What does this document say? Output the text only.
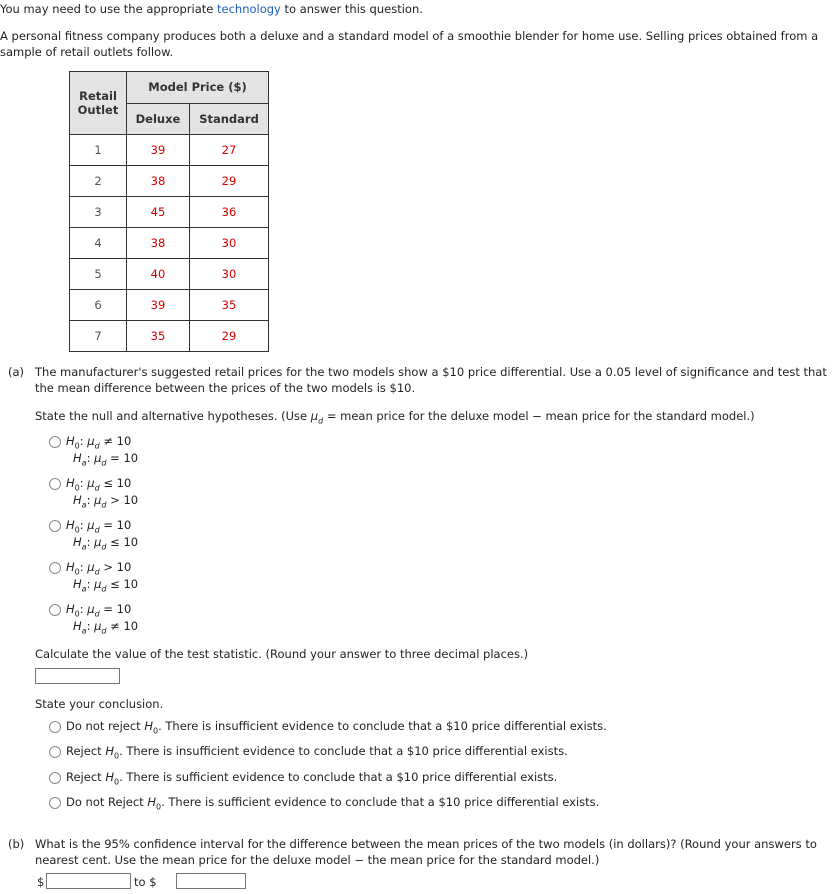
You may need to use the appropriate technology to answer this question.

A personal fitness company produces both a deluxe and a standard model of a smoothie blender for home use. Selling prices obtained from a

sample of retail outlets follow.

Retail
Outlet	Model Price ($)	
	Deluxe	Standard
1	39	27
2	38	29
3	45	36
4	38	30
5	40	30
6	39	35
7	35	29

(a) The manufacturer's suggested retail prices for the two models show a $10 price differential. Use a 0.05 level of significance and test that

the mean difference between the prices of the two models is $10.

State the null and alternative hypotheses. (Use $\mu_d$ = mean price for the deluxe model − mean price for the standard model.)

$H_0$: $\mu_d \ne 10$
$H_a$: $\mu_d = 10$
$H_0$: $\mu_d \le 10$
$H_a$: $\mu_d > 10$
$H_0$: $\mu_d = 10$
$H_a$: $\mu_d \le 10$
$H_0$: $\mu_d > 10$
$H_a$: $\mu_d \le 10$
$H_0$: $\mu_d = 10$
$H_a$: $\mu_d \ne 10$

Calculate the value of the test statistic. (Round your answer to three decimal places.)

State your conclusion.

Do not reject $H_0$. There is insufficient evidence to conclude that a $10 price differential exists.
Reject $H_0$. There is insufficient evidence to conclude that a $10 price differential exists.
Reject $H_0$. There is sufficient evidence to conclude that a $10 price differential exists.
Do not Reject $H_0$. There is sufficient evidence to conclude that a $10 price differential exists.

(b) What is the 95% confidence interval for the difference between the mean prices of the two models (in dollars)? (Round your answers to

nearest cent. Use the mean price for the deluxe model − the mean price for the standard model.)

$	to $
